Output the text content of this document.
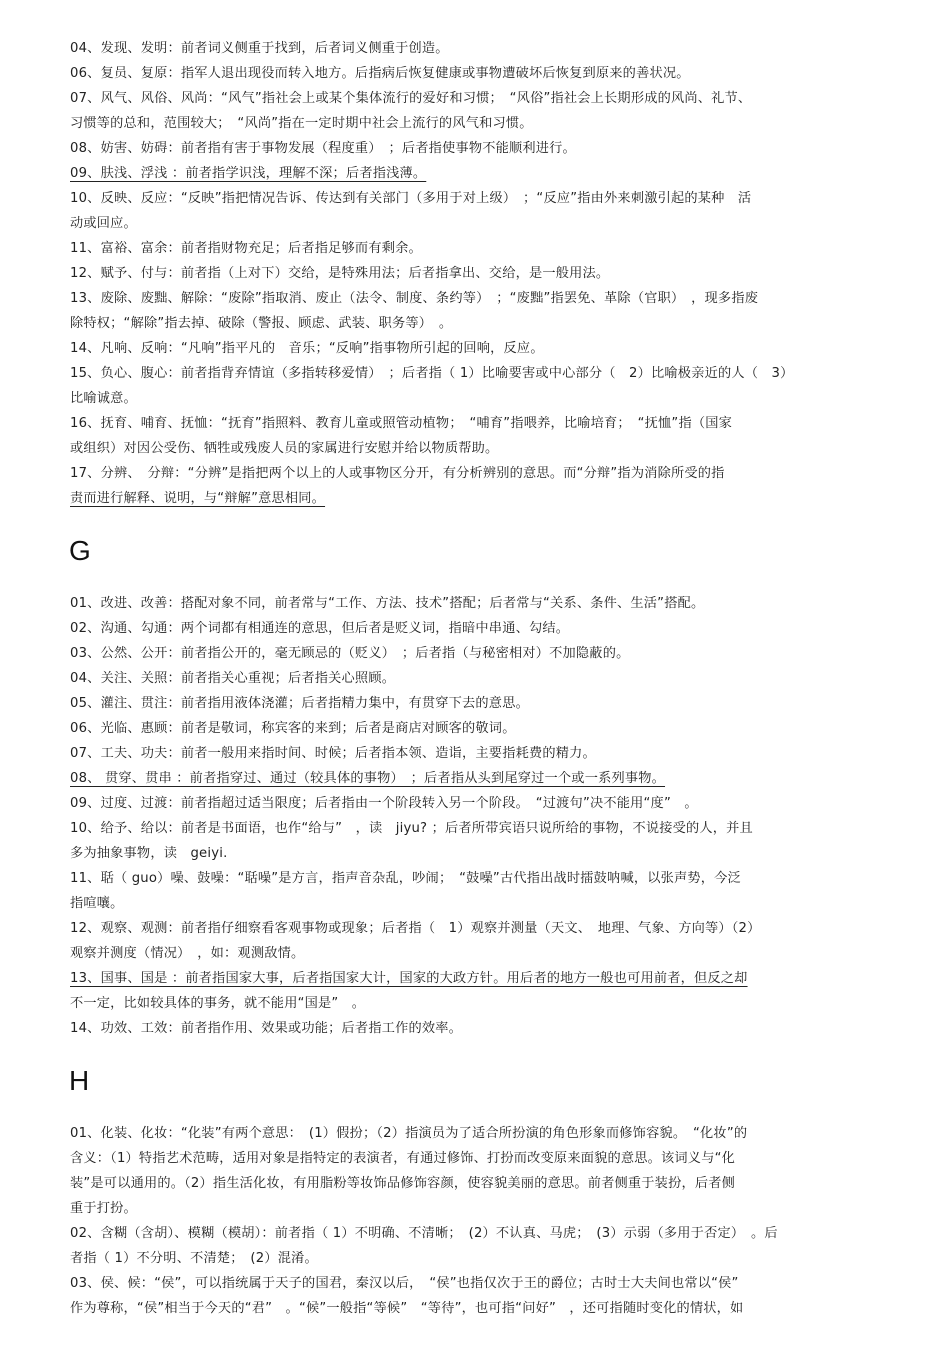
04、发现、发明：前者词义侧重于找到，后者词义侧重于创造。

06、复员、复原：指军人退出现役而转入地方。后指病后恢复健康或事物遭破坏后恢复到原来的善状况。

07、风气、风俗、风尚：“风气”指社会上或某个集体流行的爱好和习惯；　“风俗”指社会上长期形成的风尚、礼节、
习惯等的总和，范围较大；　“风尚”指在一定时期中社会上流行的风气和习惯。

08、妨害、妨碍：前者指有害于事物发展（程度重）　；后者指使事物不能顺利进行。

09、肤浅、浮浅 ：前者指学识浅，理解不深；后者指浅薄。

10、反映、反应：“反映”指把情况告诉、传达到有关部门（多用于对上级）　；“反应”指由外来刺激引起的某种　活
动或回应。

11、富裕、富余：前者指财物充足；后者指足够而有剩余。

12、赋予、付与：前者指（上对下）交给，是特殊用法；后者指拿出、交给，是一般用法。

13、废除、废黜、解除：“废除”指取消、废止（法令、制度、条约等）　；“废黜”指罢免、革除（官职）　，现多指废
除特权；“解除”指去掉、破除（警报、顾虑、武装、职务等）　。

14、凡响、反响：“凡响”指平凡的　音乐；“反响”指事物所引起的回响，反应。

15、负心、腹心：前者指背弃情谊（多指转移爱情）　；后者指（ 1）比喻要害或中心部分（　2）比喻极亲近的人（　3）
比喻诚意。

16、抚育、哺育、抚恤：“抚育”指照料、教育儿童或照管动植物；　“哺育”指喂养，比喻培育；　“抚恤”指（国家
或组织）对因公受伤、牺牲或残废人员的家属进行安慰并给以物质帮助。

17、分辨、　分辩：“分辨”是指把两个以上的人或事物区分开，有分析辨别的意思。而“分辩”指为消除所受的指
责而进行解释、说明，与“辩解”意思相同。

G

01、改进、改善：搭配对象不同，前者常与“工作、方法、技术”搭配；后者常与“关系、条件、生活”搭配。

02、沟通、勾通：两个词都有相通连的意思，但后者是贬义词，指暗中串通、勾结。

03、公然、公开：前者指公开的，毫无顾忌的（贬义）　；后者指（与秘密相对）不加隐蔽的。

04、关注、关照：前者指关心重视；后者指关心照顾。

05、灌注、贯注：前者指用液体浇灌；后者指精力集中，有贯穿下去的意思。

06、光临、惠顾：前者是敬词，称宾客的来到；后者是商店对顾客的敬词。

07、工夫、功夫：前者一般用来指时间、时候；后者指本领、造诣，主要指耗费的精力。

08、 贯穿、贯串 ：前者指穿过、通过（较具体的事物）　；后者指从头到尾穿过一个或一系列事物。

09、过度、过渡：前者指超过适当限度；后者指由一个阶段转入另一个阶段。　“过渡句”决不能用“度”　。

10、给予、给以：前者是书面语，也作“给与”　，读　jiyu? ；后者所带宾语只说所给的事物，不说接受的人，并且
多为抽象事物，读　geiyi.

11、聒（ guo）噪、鼓噪：“聒噪”是方言，指声音杂乱，吵闹；　“鼓噪”古代指出战时擂鼓呐喊，以张声势，今泛
指喧嚷。

12、观察、观测：前者指仔细察看客观事物或现象；后者指（　1）观察并测量（天文、　地理、气象、方向等）（2）
观察并测度（情况）　，如：观测敌情。

13、国事、国是 ：前者指国家大事，后者指国家大计，国家的大政方针。用后者的地方一般也可用前者，但反之却
不一定，比如较具体的事务，就不能用“国是”　。

14、功效、工效：前者指作用、效果或功能；后者指工作的效率。

H

01、化装、化妆：“化装”有两个意思：　(1）假扮；（2）指演员为了适合所扮演的角色形象而修饰容貌。　“化妆”的
含义：（1）特指艺术范畴，适用对象是指特定的表演者，有通过修饰、打扮而改变原来面貌的意思。该词义与“化
装”是可以通用的。（2）指生活化妆，有用脂粉等妆饰品修饰容颜，使容貌美丽的意思。前者侧重于装扮，后者侧
重于打扮。

02、含糊（含胡）、模糊（模胡）：前者指（ 1）不明确、不清晰；　(2）不认真、马虎；　(3）示弱（多用于否定）　。后
者指（ 1）不分明、不清楚；　(2）混淆。

03、侯、候：“侯”，可以指统属于天子的国君，秦汉以后，　“侯”也指仅次于王的爵位；古时士大夫间也常以“侯”
作为尊称，“侯”相当于今天的“君”　。“候”一般指“等候”　“等待”，也可指“问好”　，还可指随时变化的情状，如
